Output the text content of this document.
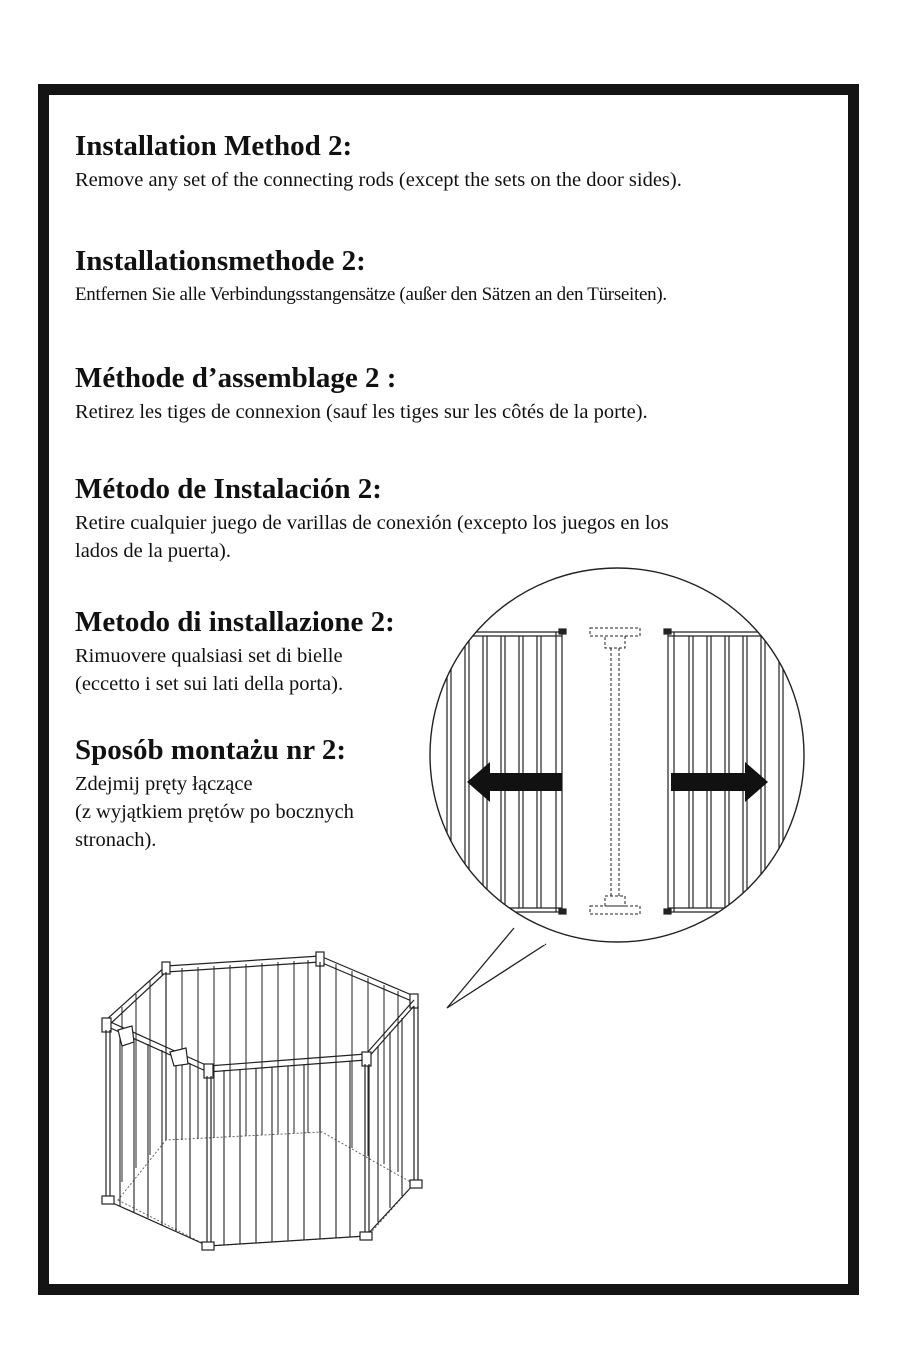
Installation Method 2:

Remove any set of the connecting rods (except the sets on the door sides).

Installationsmethode 2:

Entfernen Sie alle Verbindungsstangensätze (außer den Sätzen an den Türseiten).

Méthode d’assemblage 2 :

Retirez les tiges de connexion (sauf les tiges sur les côtés de la porte).

Método de Instalación 2:

Retire cualquier juego de varillas de conexión (excepto los juegos en los

lados de la puerta).

Metodo di installazione 2:

Rimuovere qualsiasi set di bielle

(eccetto i set sui lati della porta).

Sposób montażu nr 2:

Zdejmij pręty łączące

(z wyjątkiem prętów po bocznych

stronach).
